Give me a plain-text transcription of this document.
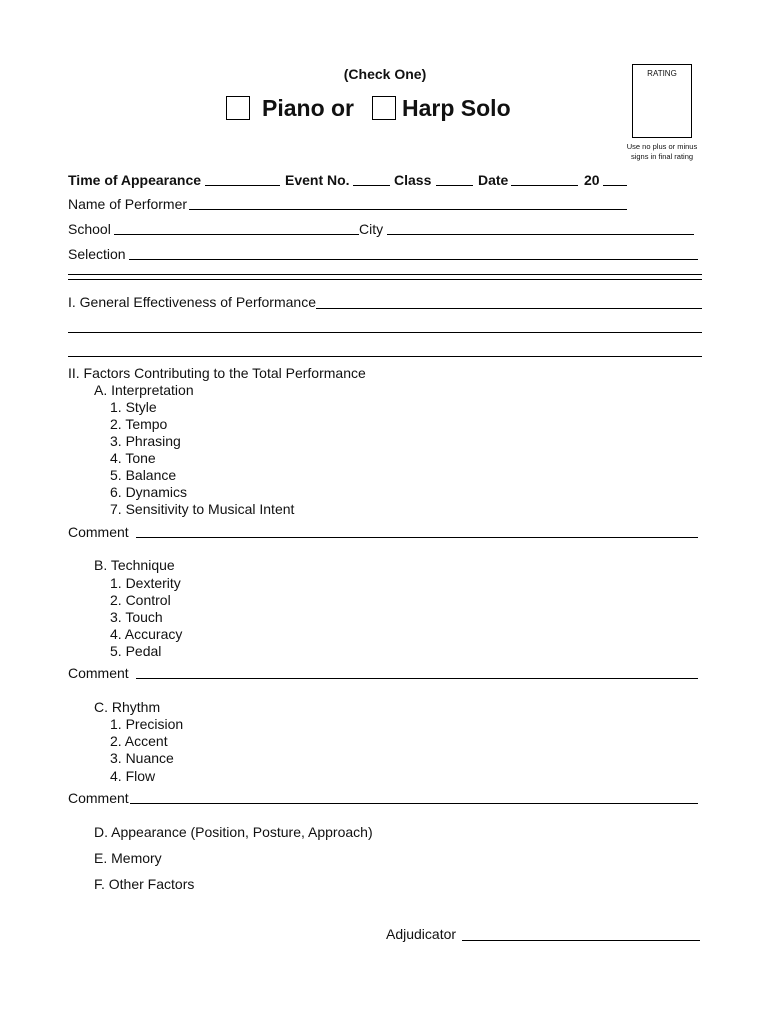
(Check One)
Piano or Harp Solo
RATING
Use no plus or minus
signs in final rating
Time of Appearance	Event No.	Class	Date	20
Name of Performer
School	City
Selection
I. General Effectiveness of Performance
II. Factors Contributing to the Total Performance
A. Interpretation
1. Style
2. Tempo
3. Phrasing
4. Tone
5. Balance
6. Dynamics
7. Sensitivity to Musical Intent
Comment
B. Technique
1. Dexterity
2. Control
3. Touch
4. Accuracy
5. Pedal
Comment
C. Rhythm
1. Precision
2. Accent
3. Nuance
4. Flow
Comment
D. Appearance (Position, Posture, Approach)
E. Memory
F. Other Factors
Adjudicator
